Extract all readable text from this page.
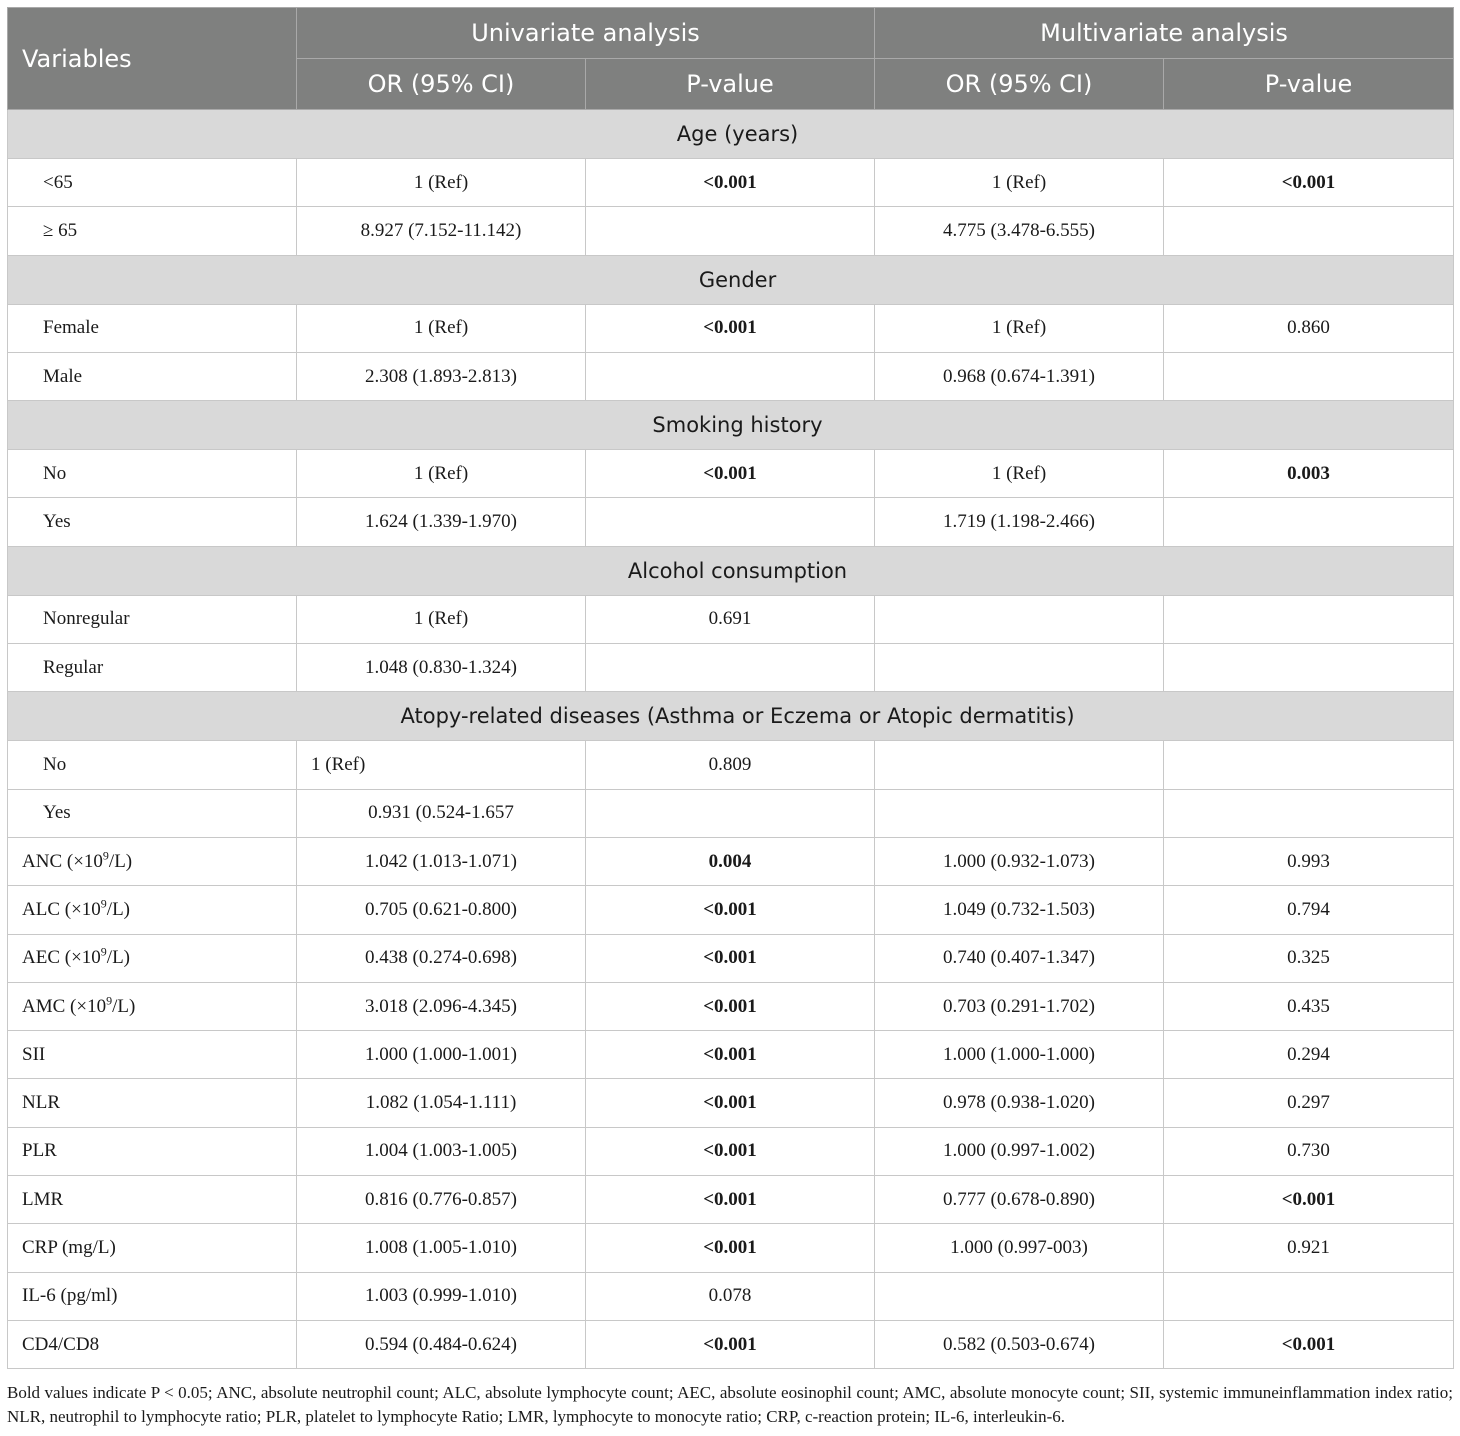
Variables	Univariate analysis		Multivariate analysis	
	OR (95% CI)	P-value	OR (95% CI)	P-value
Age (years)				
<65	1 (Ref)	<0.001	1 (Ref)	<0.001
≥ 65	8.927 (7.152-11.142)		4.775 (3.478-6.555)	
Gender				
Female	1 (Ref)	<0.001	1 (Ref)	0.860
Male	2.308 (1.893-2.813)		0.968 (0.674-1.391)	
Smoking history				
No	1 (Ref)	<0.001	1 (Ref)	0.003
Yes	1.624 (1.339-1.970)		1.719 (1.198-2.466)	
Alcohol consumption				
Nonregular	1 (Ref)	0.691		
Regular	1.048 (0.830-1.324)			
Atopy-related diseases (Asthma or Eczema or Atopic dermatitis)				
No	1 (Ref)	0.809		
Yes	0.931 (0.524-1.657			
ANC $(\times 10^9/L)$	1.042 (1.013-1.071)	0.004	1.000 (0.932-1.073)	0.993
ALC $(\times 10^9/L)$	0.705 (0.621-0.800)	<0.001	1.049 (0.732-1.503)	0.794
AEC $(\times 10^9/L)$	0.438 (0.274-0.698)	<0.001	0.740 (0.407-1.347)	0.325
AMC $(\times 10^9/L)$	3.018 (2.096-4.345)	<0.001	0.703 (0.291-1.702)	0.435
SII	1.000 (1.000-1.001)	<0.001	1.000 (1.000-1.000)	0.294
NLR	1.082 (1.054-1.111)	<0.001	0.978 (0.938-1.020)	0.297
PLR	1.004 (1.003-1.005)	<0.001	1.000 (0.997-1.002)	0.730
LMR	0.816 (0.776-0.857)	<0.001	0.777 (0.678-0.890)	<0.001
CRP (mg/L)	1.008 (1.005-1.010)	<0.001	1.000 (0.997-003)	0.921
IL-6 (pg/ml)	1.003 (0.999-1.010)	0.078		
CD4/CD8	0.594 (0.484-0.624)	<0.001	0.582 (0.503-0.674)	<0.001
Bold values indicate P < 0.05; ANC, absolute neutrophil count; ALC, absolute lymphocyte count; AEC, absolute eosinophil count; AMC, absolute monocyte count; SII, systemic immuneinflammation index ratio; NLR, neutrophil to lymphocyte ratio; PLR, platelet to lymphocyte Ratio; LMR, lymphocyte to monocyte ratio; CRP, c-reaction protein; IL-6, interleukin-6.
